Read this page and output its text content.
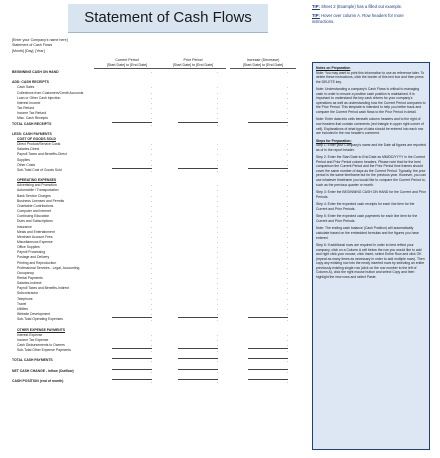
Statement of Cash Flows
[Enter your Company's name here]
Statement of Cash Flows
[Month] [Day], [Year]
Current Period
[Start Date] to [End Date]
Prior Period
[Start Date] to [End Date]
Increase (Decrease)
[Start Date] to [End Date]
BEGINNING CASH ON HAND	-	-	-
ADD: CASH RECEIPTS
Cash Sales	-	-	-
Collections from Customers/Credit Accounts	-	-	-
Loan or Other Cash Injection	-	-	-
Interest Income	-	-	-
Tax Refund	-	-	-
Income Tax Refund	-	-	-
Misc. Cash Receipts	-	-	-
TOTAL CASH RECEIPTS	-	-	-
LESS: CASH PAYMENTS
COST OF GOODS SOLD
Direct Product/Service Costs	-	-	-
Salaries-Direct	-	-	-
Payroll Taxes and Benefits-Direct	-	-	-
Supplies	-	-	-
Other Costs	-	-	-
Sub-Total Cost of Goods Sold	-	-	-
OPERATING EXPENSES
Advertising and Promotion	-	-	-
Automobile / Transportation	-	-	-
Bank Service Charges	-	-	-
Business Licenses and Permits	-	-	-
Charitable Contributions	-	-	-
Computer and Internet	-	-	-
Continuing Education	-	-	-
Dues and Subscriptions	-	-	-
Insurance	-	-	-
Meals and Entertainment	-	-	-
Merchant Account Fees	-	-	-
Miscellaneous Expense	-	-	-
Office Supplies	-	-	-
Payroll Processing	-	-	-
Postage and Delivery	-	-	-
Printing and Reproduction	-	-	-
Professional Services - Legal, Accounting	-	-	-
Occupancy	-	-	-
Rental Payments	-	-	-
Salaries-Indirect	-	-	-
Payroll Taxes and Benefits-Indirect	-	-	-
Subcontractor	-	-	-
Telephone	-	-	-
Travel	-	-	-
Utilities	-	-	-
Website Development	-	-	-
Sub-Total Operating Expenses	-	-	-
OTHER EXPENSE PAYMENTS
Interest Expense	-	-	-
Income Tax Expense	-	-	-
Cash Disbursements to Owners	-	-	-
Sub-Total Other Expense Payments	-	-	-
TOTAL CASH PAYMENTS	-	-	-
NET CASH CHANGE - Inflow (Outflow)	-	-	-
CASH POSITION (end of month)	-	-	-
TIP: Sheet 2 (Example) has a filled out example.
TIP: Hover over column A. Row headers for more instructions.

Notes on Preparation
Note: You may want to print this information to use as reference later. To delete these instructions, click the border of this text box and then press the DELETE key.

Note: Understanding a company's Cash Flows is critical to managing cash in order to ensure a positive cash position is maintained. It is important to understand the key cash drivers for your company's operations as well as understanding how the Current Period compares to the Prior Period. This template is intended to help you better track and compare the Current Period cash flows to the Prior Period in detail.

Note: Enter data into cells beneath column headers and to the right of row headers that contain comments (red triangle in upper right corner of cell). Explanations of what type of data should be entered into each row are included in the row header's comment.

Steps for Preparation:
Step 1: Enter your Company's name and the Date all figures are reported as of in the report header.

Step 2: Enter the Start Date to End Date as MM/DD/YYYY in the Current Period and Prior Period column headers. Please note that for the best comparison the Current Period and the Prior Period time frames should cover the same number of days as the Current Period. Typically, the prior period is the same timeframe but for the previous year. However, you can use whatever timeframe you would like to compare the Current Period to, such as the previous quarter or month.

Step 3: Enter the BEGINNING CASH ON HAND for the Current and Prior Periods.

Step 4: Enter the expected cash receipts for each line item for the Current and Prior Periods.

Step 5: Enter the expected cash payments for each line item for the Current and Prior Periods.

Note: The ending cash balance (Cash Position) will automatically calculate based on the embedded formulas and the figures you have entered.

Step 6: If additional rows are required in order to best reflect your company, click on a Column A cell below the row you would like to add and right click your mouse, click Insert, select Entire Row and click OK (repeat as many times as necessary in order to add multiple rows). Then copy any existing row into the newly inserted rows by selecting an entire previously existing single row (click on the row number to the left of Column A), click the right mouse button and select Copy and then highlight the new rows and select Paste.
